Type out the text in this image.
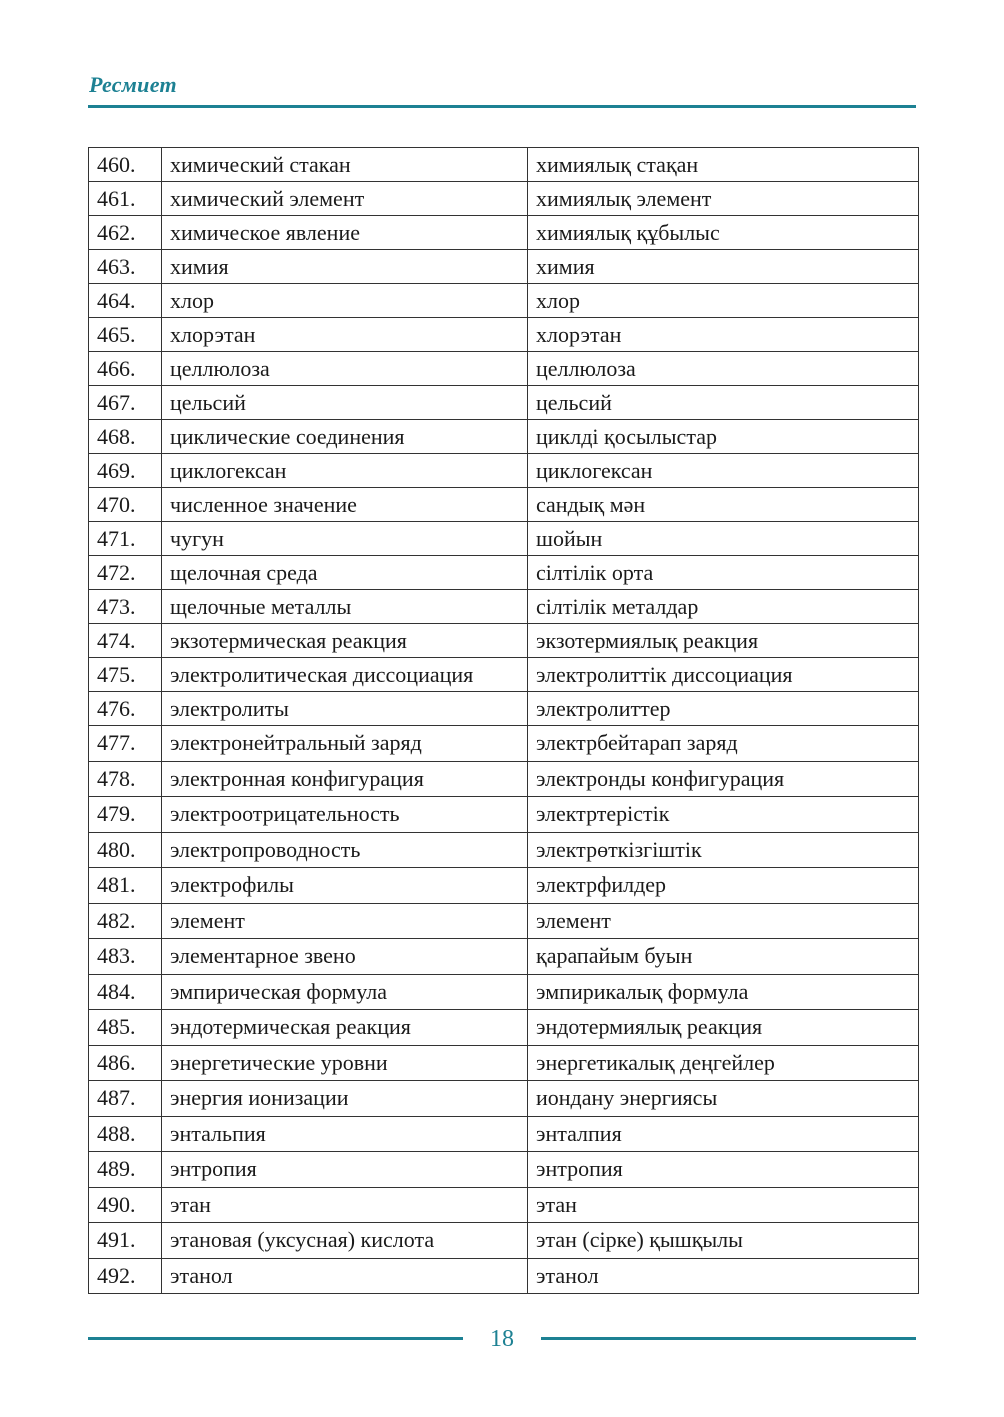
Ресмиет
460.	химический стакан	химиялық стақан
461.	химический элемент	химиялық элемент
462.	химическое явление	химиялық құбылыс
463.	химия	химия
464.	хлор	хлор
465.	хлорэтан	хлорэтан
466.	целлюлоза	целлюлоза
467.	цельсий	цельсий
468.	циклические соединения	циклді қосылыстар
469.	циклогексан	циклогексан
470.	численное значение	сандық мән
471.	чугун	шойын
472.	щелочная среда	сілтілік орта
473.	щелочные металлы	сілтілік металдар
474.	экзотермическая реакция	экзотермиялық реакция
475.	электролитическая диссоциация	электролиттік диссоциация
476.	электролиты	электролиттер
477.	электронейтральный заряд	электрбейтарап заряд
478.	электронная конфигурация	электронды конфигурация
479.	электроотрицательность	электртерістік
480.	электропроводность	электрөткізгіштік
481.	электрофилы	электрфилдер
482.	элемент	элемент
483.	элементарное звено	қарапайым буын
484.	эмпирическая формула	эмпирикалық формула
485.	эндотермическая реакция	эндотермиялық реакция
486.	энергетические уровни	энергетикалық деңгейлер
487.	энергия ионизации	иондану энергиясы
488.	энтальпия	энталпия
489.	энтропия	энтропия
490.	этан	этан
491.	этановая (уксусная) кислота	этан (сірке) қышқылы
492.	этанол	этанол
18
